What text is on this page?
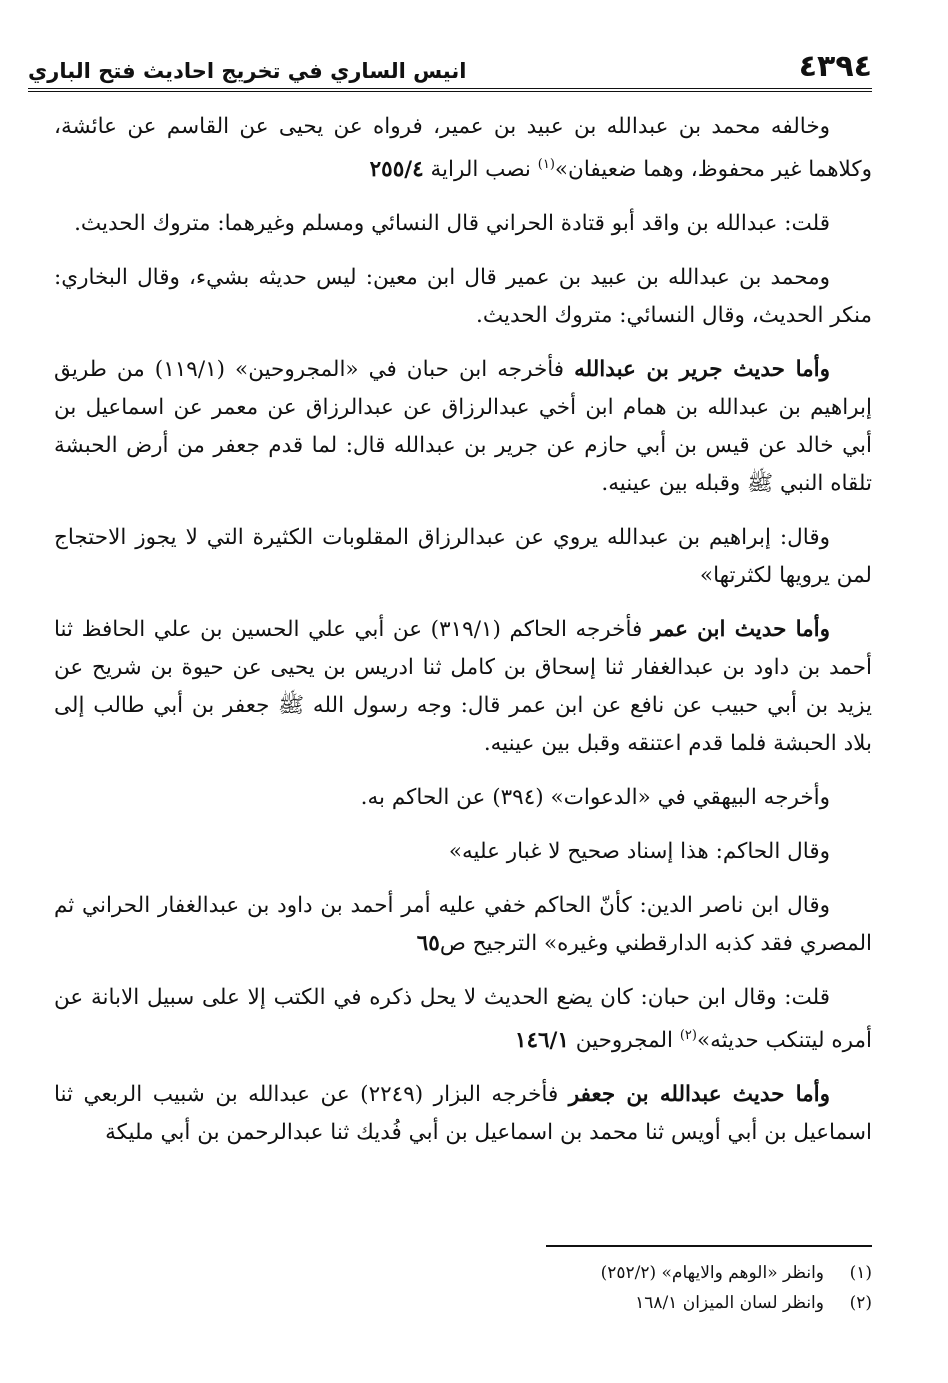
٤٣٩٤
انيس الساري في تخريج احاديث فتح الباري

وخالفه محمد بن عبدالله بن عبيد بن عمير، فرواه عن يحيى عن القاسم عن عائشة، وكلاهما غير محفوظ، وهما ضعيفان»$^{(١)}$ نصب الراية ٢٥٥/٤

قلت: عبدالله بن واقد أبو قتادة الحراني قال النسائي ومسلم وغيرهما: متروك الحديث.

ومحمد بن عبدالله بن عبيد بن عمير قال ابن معين: ليس حديثه بشيء، وقال البخاري: منكر الحديث، وقال النسائي: متروك الحديث.

وأما حديث جرير بن عبدالله فأخرجه ابن حبان في «المجروحين» (١١٩/١) من طريق إبراهيم بن عبدالله بن همام ابن أخي عبدالرزاق عن عبدالرزاق عن معمر عن اسماعيل بن أبي خالد عن قيس بن أبي حازم عن جرير بن عبدالله قال: لما قدم جعفر من أرض الحبشة تلقاه النبي ﷺ وقبله بين عينيه.

وقال: إبراهيم بن عبدالله يروي عن عبدالرزاق المقلوبات الكثيرة التي لا يجوز الاحتجاج لمن يرويها لكثرتها»

وأما حديث ابن عمر فأخرجه الحاكم (٣١٩/١) عن أبي علي الحسين بن علي الحافظ ثنا أحمد بن داود بن عبدالغفار ثنا إسحاق بن كامل ثنا ادريس بن يحيى عن حيوة بن شريح عن يزيد بن أبي حبيب عن نافع عن ابن عمر قال: وجه رسول الله ﷺ جعفر بن أبي طالب إلى بلاد الحبشة فلما قدم اعتنقه وقبل بين عينيه.

وأخرجه البيهقي في «الدعوات» (٣٩٤) عن الحاكم به.

وقال الحاكم: هذا إسناد صحيح لا غبار عليه»

وقال ابن ناصر الدين: كأنّ الحاكم خفي عليه أمر أحمد بن داود بن عبدالغفار الحراني ثم المصري فقد كذبه الدارقطني وغيره» الترجيح ص٦٥

قلت: وقال ابن حبان: كان يضع الحديث لا يحل ذكره في الكتب إلا على سبيل الابانة عن أمره ليتنكب حديثه»$^{(٢)}$ المجروحين ١٤٦/١

وأما حديث عبدالله بن جعفر فأخرجه البزار (٢٢٤٩) عن عبدالله بن شبيب الربعي ثنا اسماعيل بن أبي أويس ثنا محمد بن اسماعيل بن أبي فُديك ثنا عبدالرحمن بن أبي مليكة

(١)
وانظر «الوهم والايهام» (٢٥٢/٢)
(٢)
وانظر لسان الميزان ١٦٨/١
